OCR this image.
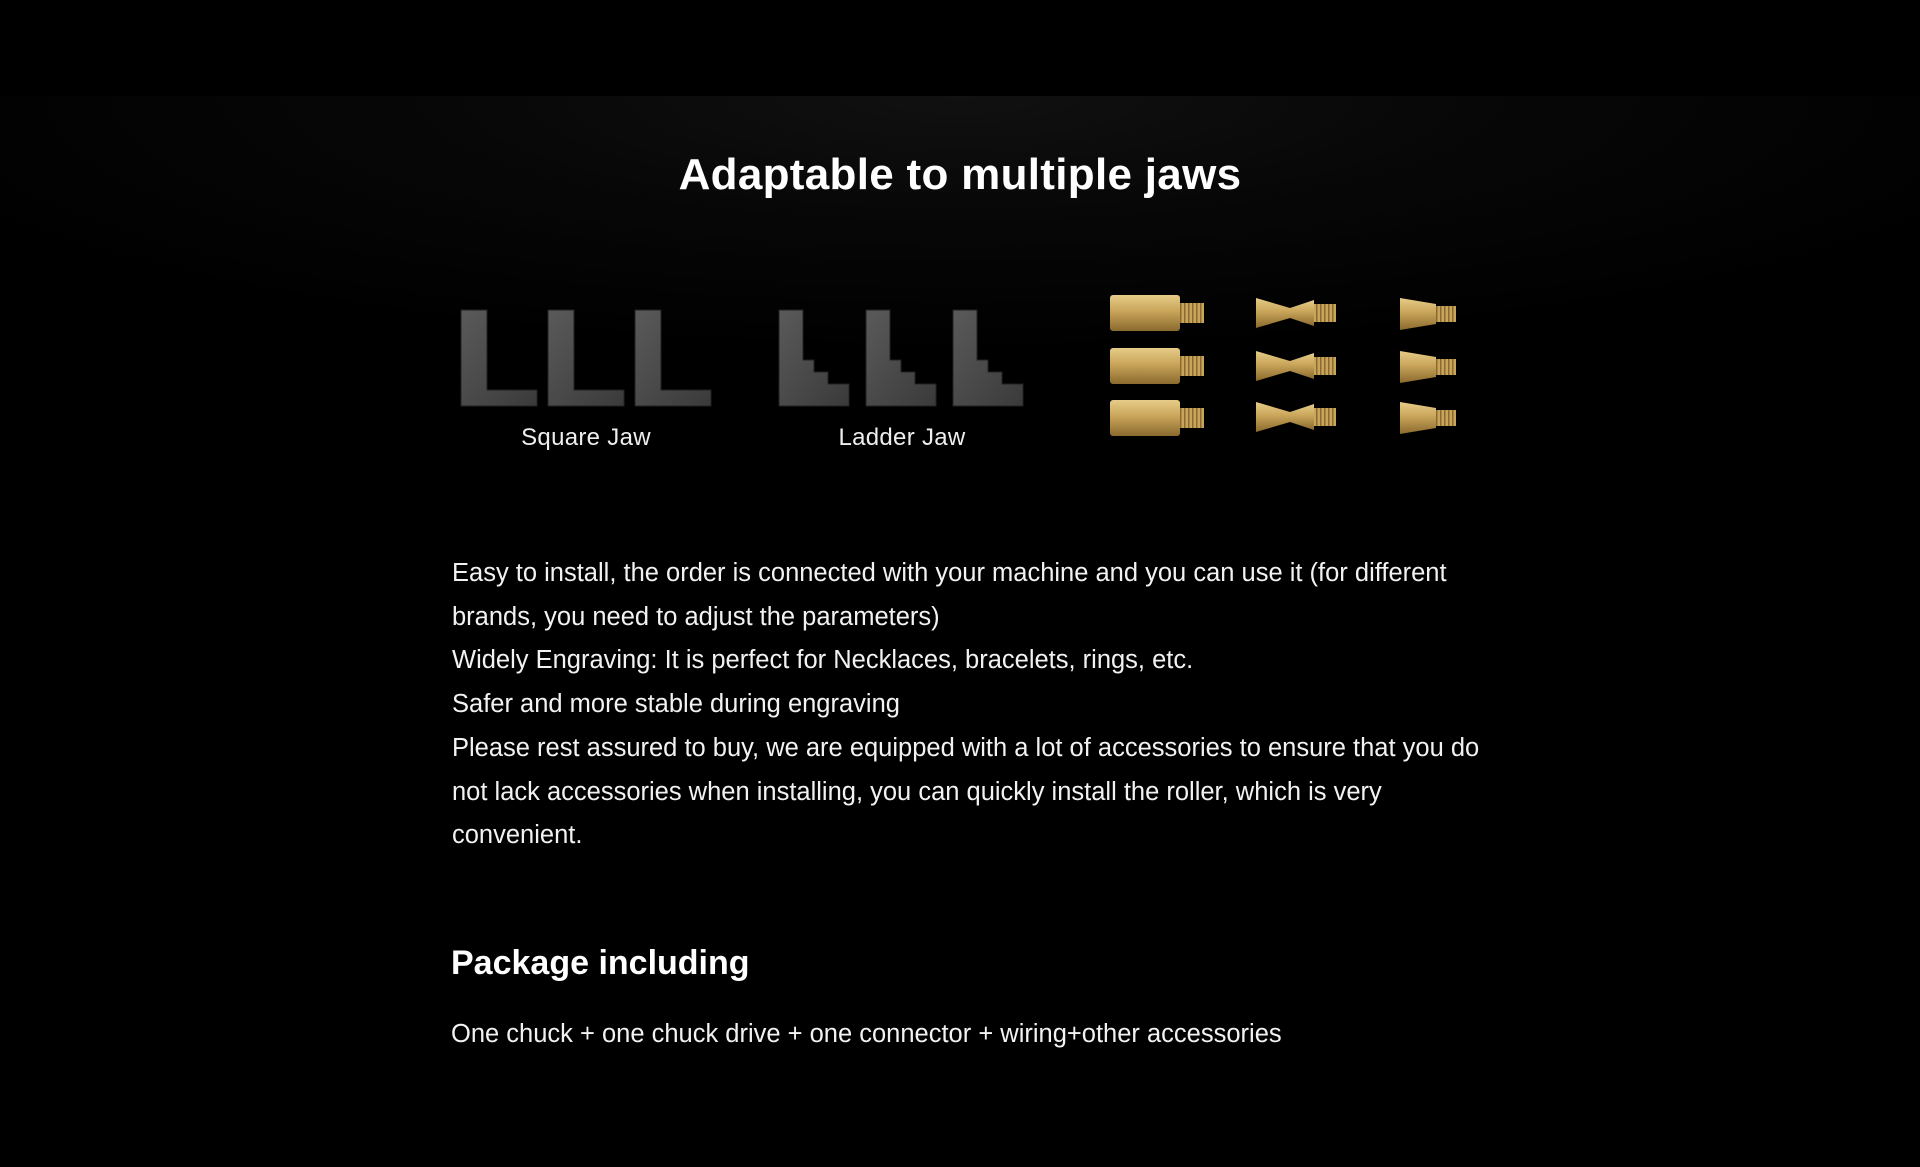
Adaptable to multiple jaws
Square Jaw	Ladder Jaw

Easy to install, the order is connected with your machine and you can use it (for different brands, you need to adjust the parameters)

Widely Engraving: It is perfect for Necklaces, bracelets, rings, etc.

Safer and more stable during engraving

Please rest assured to buy, we are equipped with a lot of accessories to ensure that you do not lack accessories when installing, you can quickly install the roller, which is very convenient.

Package including
One chuck + one chuck drive + one connector + wiring+other accessories
